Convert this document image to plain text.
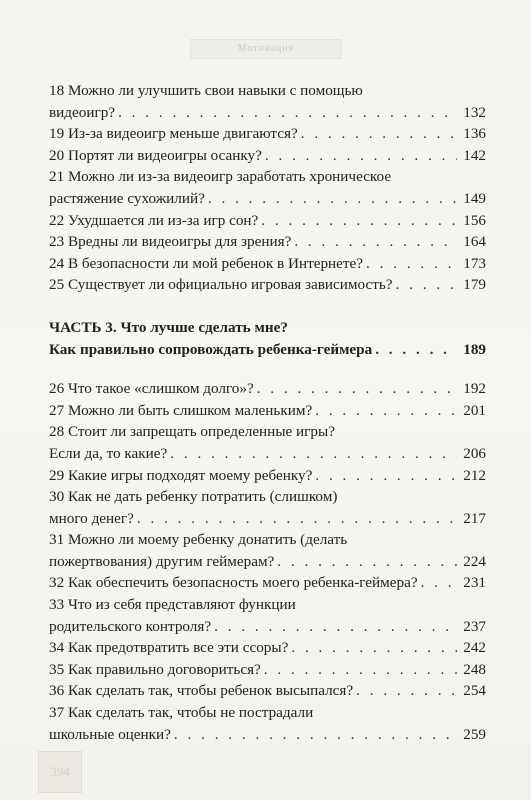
Мотивация
18 Можно ли улучшить свои навыки с помощью
видеоигр? . . .	132
19 Из-за видеоигр меньше двигаются? . . .	136
20 Портят ли видеоигры осанку? . . .	142
21 Можно ли из-за видеоигр заработать хроническое
растяжение сухожилий? . . .	149
22 Ухудшается ли из-за игр сон? . . .	156
23 Вредны ли видеоигры для зрения? . . .	164
24 В безопасности ли мой ребенок в Интернете? . . .	173
25 Существует ли официально игровая зависимость? . . .	179
ЧАСТЬ 3. Что лучше сделать мне?
Как правильно сопровождать ребенка-геймера . . .	189
26 Что такое «слишком долго»? . . .	192
27 Можно ли быть слишком маленьким? . . .	201
28 Стоит ли запрещать определенные игры?
Если да, то какие? . . .	206
29 Какие игры подходят моему ребенку? . . .	212
30 Как не дать ребенку потратить (слишком)
много денег? . . .	217
31 Можно ли моему ребенку донатить (делать
пожертвования) другим геймерам? . . .	224
32 Как обеспечить безопасность моего ребенка-геймера? . . .	231
33 Что из себя представляют функции
родительского контроля? . . .	237
34 Как предотвратить все эти ссоры? . . .	242
35 Как правильно договориться? . . .	248
36 Как сделать так, чтобы ребенок высыпался? . . .	254
37 Как сделать так, чтобы не пострадали
школьные оценки? . . .	259
394
